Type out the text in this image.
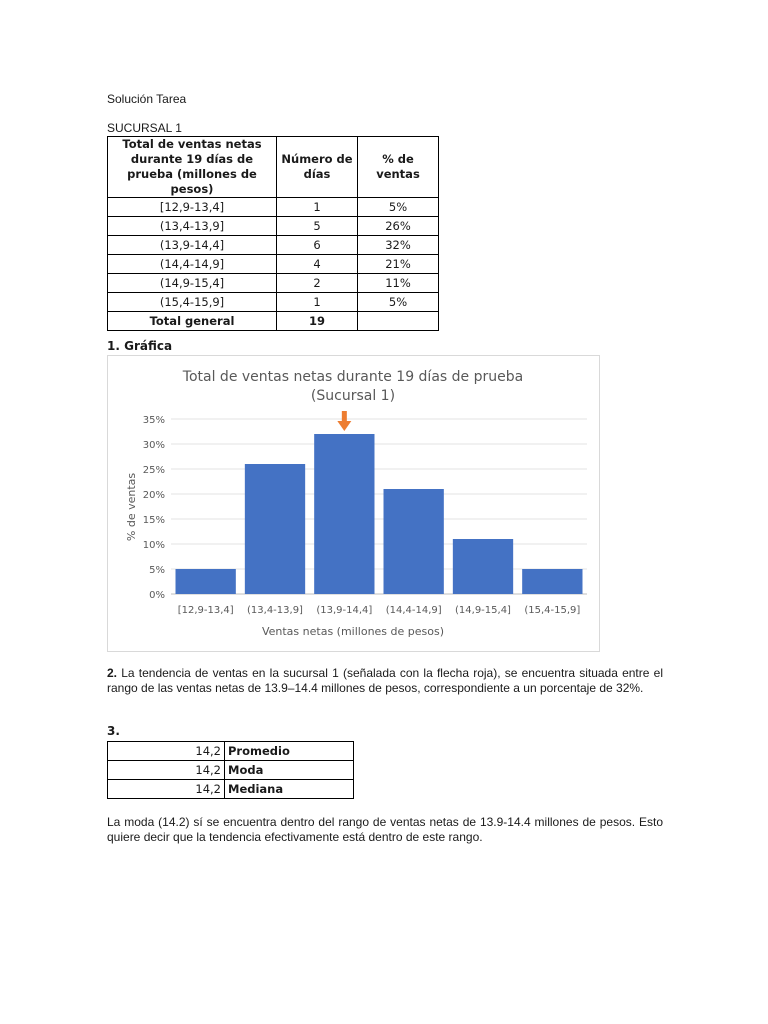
Solución Tarea
SUCURSAL 1
Total de ventas netas durante 19 días de prueba (millones de pesos)	Número de días	% de ventas
[12,9-13,4]	1	5%
(13,4-13,9]	5	26%
(13,9-14,4]	6	32%
(14,4-14,9]	4	21%
(14,9-15,4]	2	11%
(15,4-15,9]	1	5%
Total general	19	
1. Gráfica
Total de ventas netas durante 19 días de prueba
(Sucursal 1)
0%
5%
10%
15%
20%
25%
30%
35%
[12,9-13,4] (13,4-13,9] (13,9-14,4] (14,4-14,9] (14,9-15,4] (15,4-15,9]
Ventas netas (millones de pesos)
% de ventas
2. La tendencia de ventas en la sucursal 1 (señalada con la flecha roja), se encuentra situada entre el rango de las ventas netas de 13.9–14.4 millones de pesos, correspondiente a un porcentaje de 32%.
3.
14,2	Promedio
14,2	Moda
14,2	Mediana
La moda (14.2) sí se encuentra dentro del rango de ventas netas de 13.9-14.4 millones de pesos. Esto quiere decir que la tendencia efectivamente está dentro de este rango.
